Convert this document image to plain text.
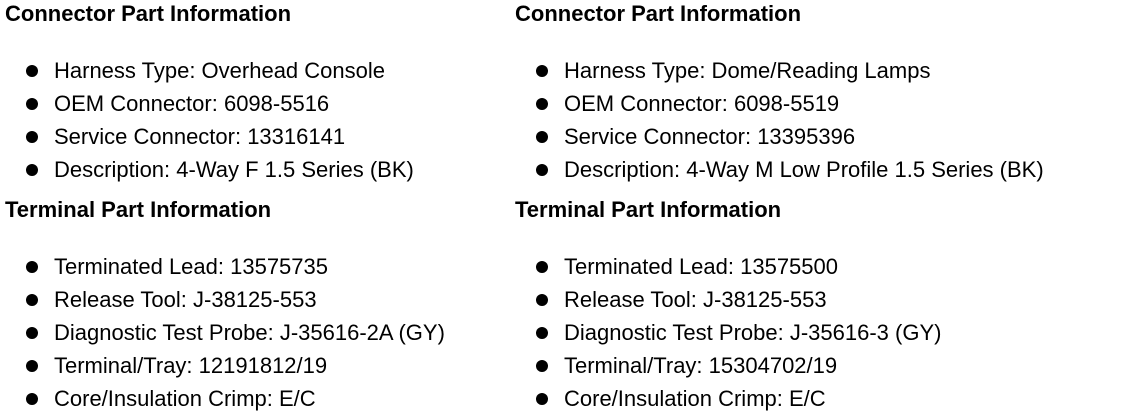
Connector Part Information
Harness Type: Overhead Console
OEM Connector: 6098-5516
Service Connector: 13316141
Description: 4-Way F 1.5 Series (BK)
Terminal Part Information
Terminated Lead: 13575735
Release Tool: J-38125-553
Diagnostic Test Probe: J-35616-2A (GY)
Terminal/Tray: 12191812/19
Core/Insulation Crimp: E/C
Connector Part Information
Harness Type: Dome/Reading Lamps
OEM Connector: 6098-5519
Service Connector: 13395396
Description: 4-Way M Low Profile 1.5 Series (BK)
Terminal Part Information
Terminated Lead: 13575500
Release Tool: J-38125-553
Diagnostic Test Probe: J-35616-3 (GY)
Terminal/Tray: 15304702/19
Core/Insulation Crimp: E/C
